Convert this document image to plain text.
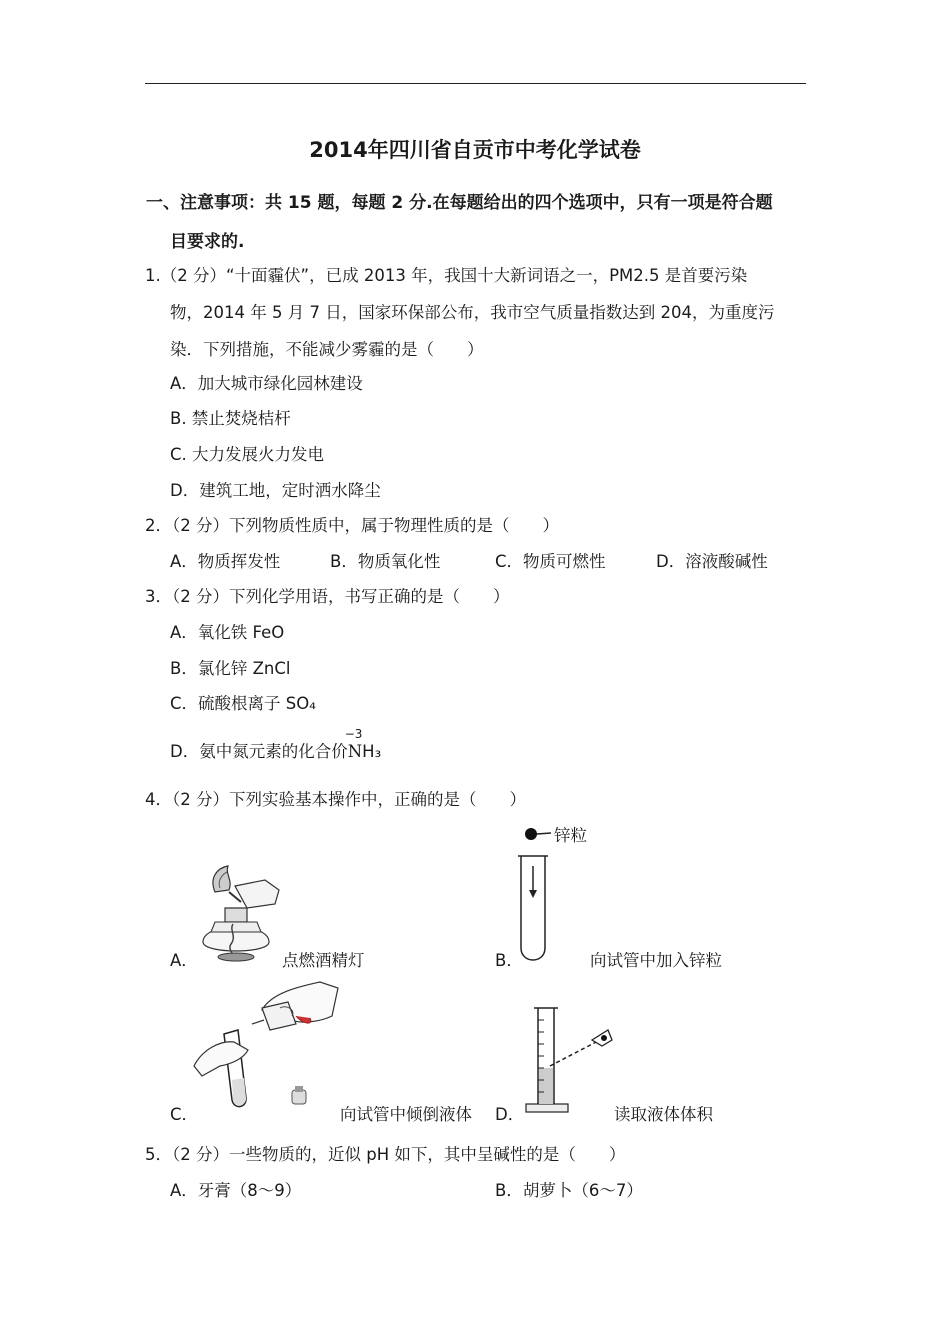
2014年四川省自贡市中考化学试卷
一、注意事项：共 15 题，每题 2 分.在每题给出的四个选项中，只有一项是符合题
目要求的.
1.（2 分）“十面霾伏”，已成 2013 年，我国十大新词语之一，PM2.5 是首要污染
物，2014 年 5 月 7 日，国家环保部公布，我市空气质量指数达到 204，为重度污
染．下列措施，不能减少雾霾的是（　　）
A．加大城市绿化园林建设
B. 禁止焚烧桔杆
C. 大力发展火力发电
D．建筑工地，定时洒水降尘
2．（2 分）下列物质性质中，属于物理性质的是（　　）
A．物质挥发性	B．物质氧化性	C．物质可燃性	D．溶液酸碱性
3．（2 分）下列化学用语，书写正确的是（　　）
A．氧化铁 FeO
B．氯化锌 ZnCl
C．硫酸根离子 SO₄
D．氨中氮元素的化合价
−3
NH₃
4．（2 分）下列实验基本操作中，正确的是（　　）
A．	点燃酒精灯
锌粒
B．	向试管中加入锌粒
C．	向试管中倾倒液体 D．	读取液体体积
5．（2 分）一些物质的，近似 pH 如下，其中呈碱性的是（　　）
A．牙膏（8～9）	B．胡萝卜（6～7）
